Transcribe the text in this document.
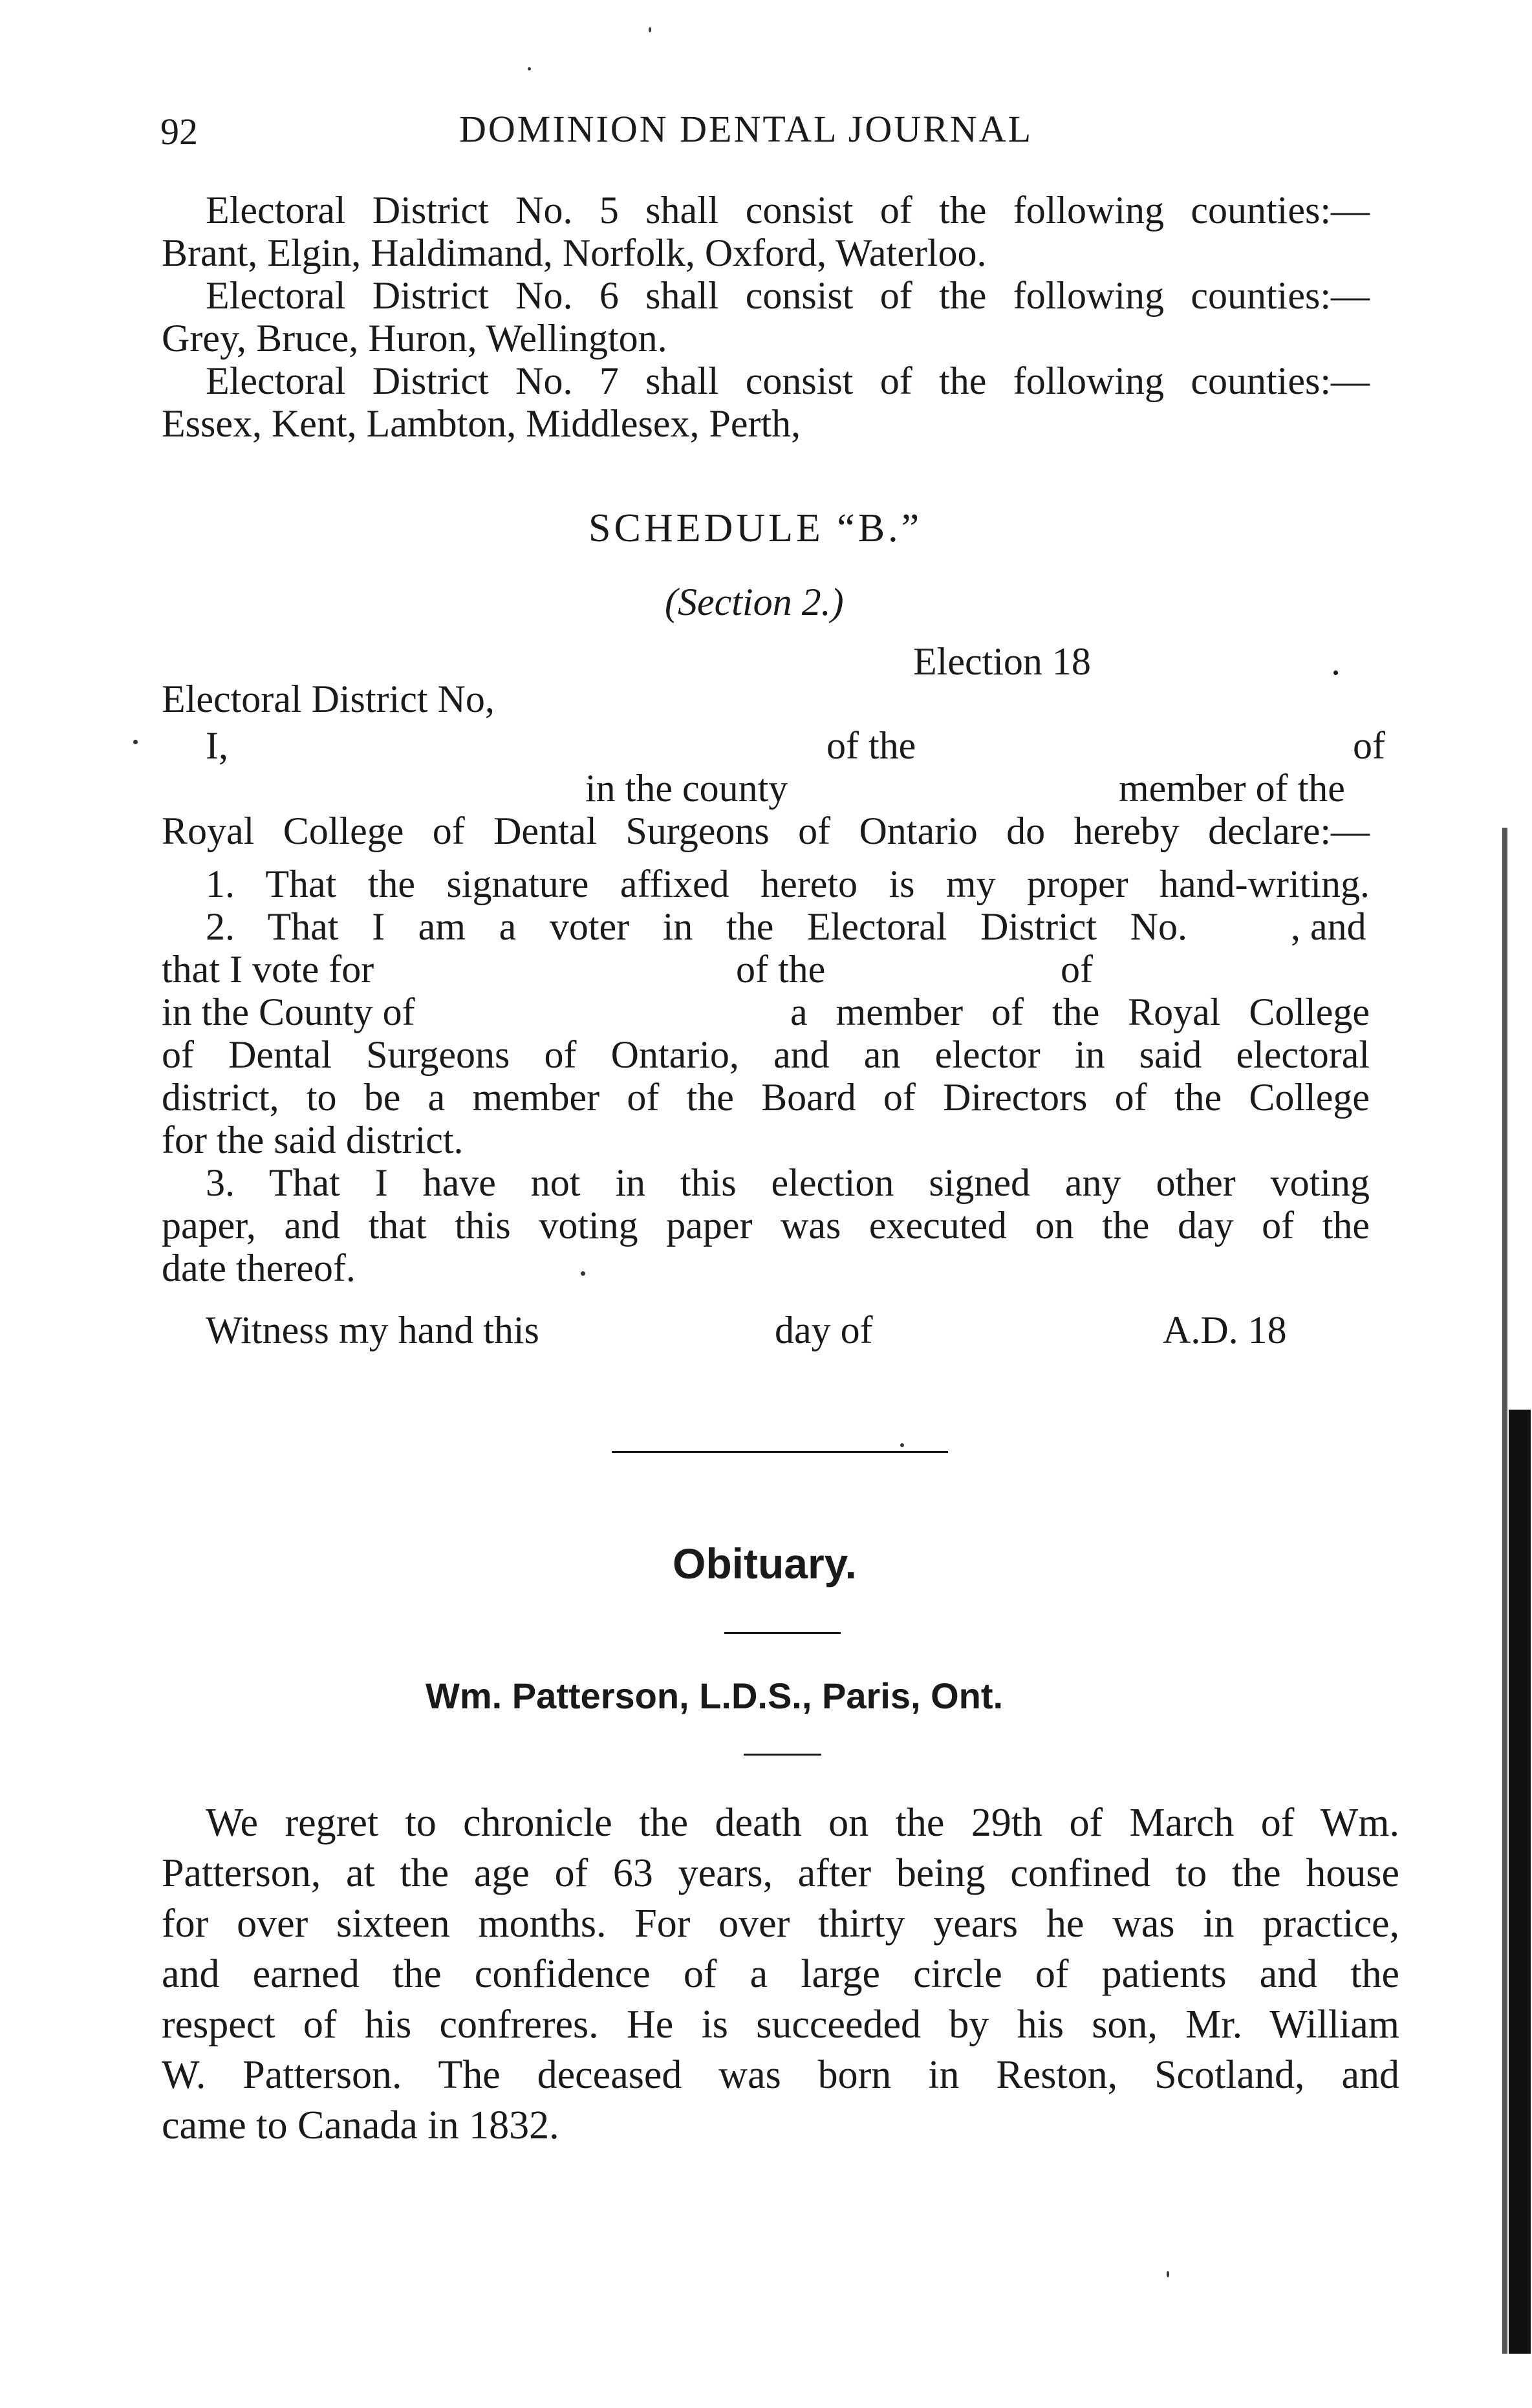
92	DOMINION DENTAL JOURNAL
Electoral District No. 5 shall consist of the following counties:—
Brant, Elgin, Haldimand, Norfolk, Oxford, Waterloo.
Electoral District No. 6 shall consist of the following counties:—
Grey, Bruce, Huron, Wellington.
Electoral District No. 7 shall consist of the following counties:—
Essex, Kent, Lambton, Middlesex, Perth,
SCHEDULE “B.”
(Section 2.)
Election 18	.
Electoral District No,
I,	of the	of
in the county	member of the
Royal College of Dental Surgeons of Ontario do hereby declare:—
1. That the signature affixed hereto is my proper hand-writing.
2. That I am a voter in the Electoral District No.	, and
that I vote for	of the	of
in the County of	a member of the Royal College
of Dental Surgeons of Ontario, and an elector in said electoral
district, to be a member of the Board of Directors of the College
for the said district.
3. That I have not in this election signed any other voting
paper, and that this voting paper was executed on the day of the
date thereof.
Witness my hand this	day of	A.D. 18
Obituary.
Wm. Patterson, L.D.S., Paris, Ont.
We regret to chronicle the death on the 29th of March of Wm.
Patterson, at the age of 63 years, after being confined to the house
for over sixteen months. For over thirty years he was in practice,
and earned the confidence of a large circle of patients and the
respect of his confreres. He is succeeded by his son, Mr. William
W. Patterson. The deceased was born in Reston, Scotland, and
came to Canada in 1832.
